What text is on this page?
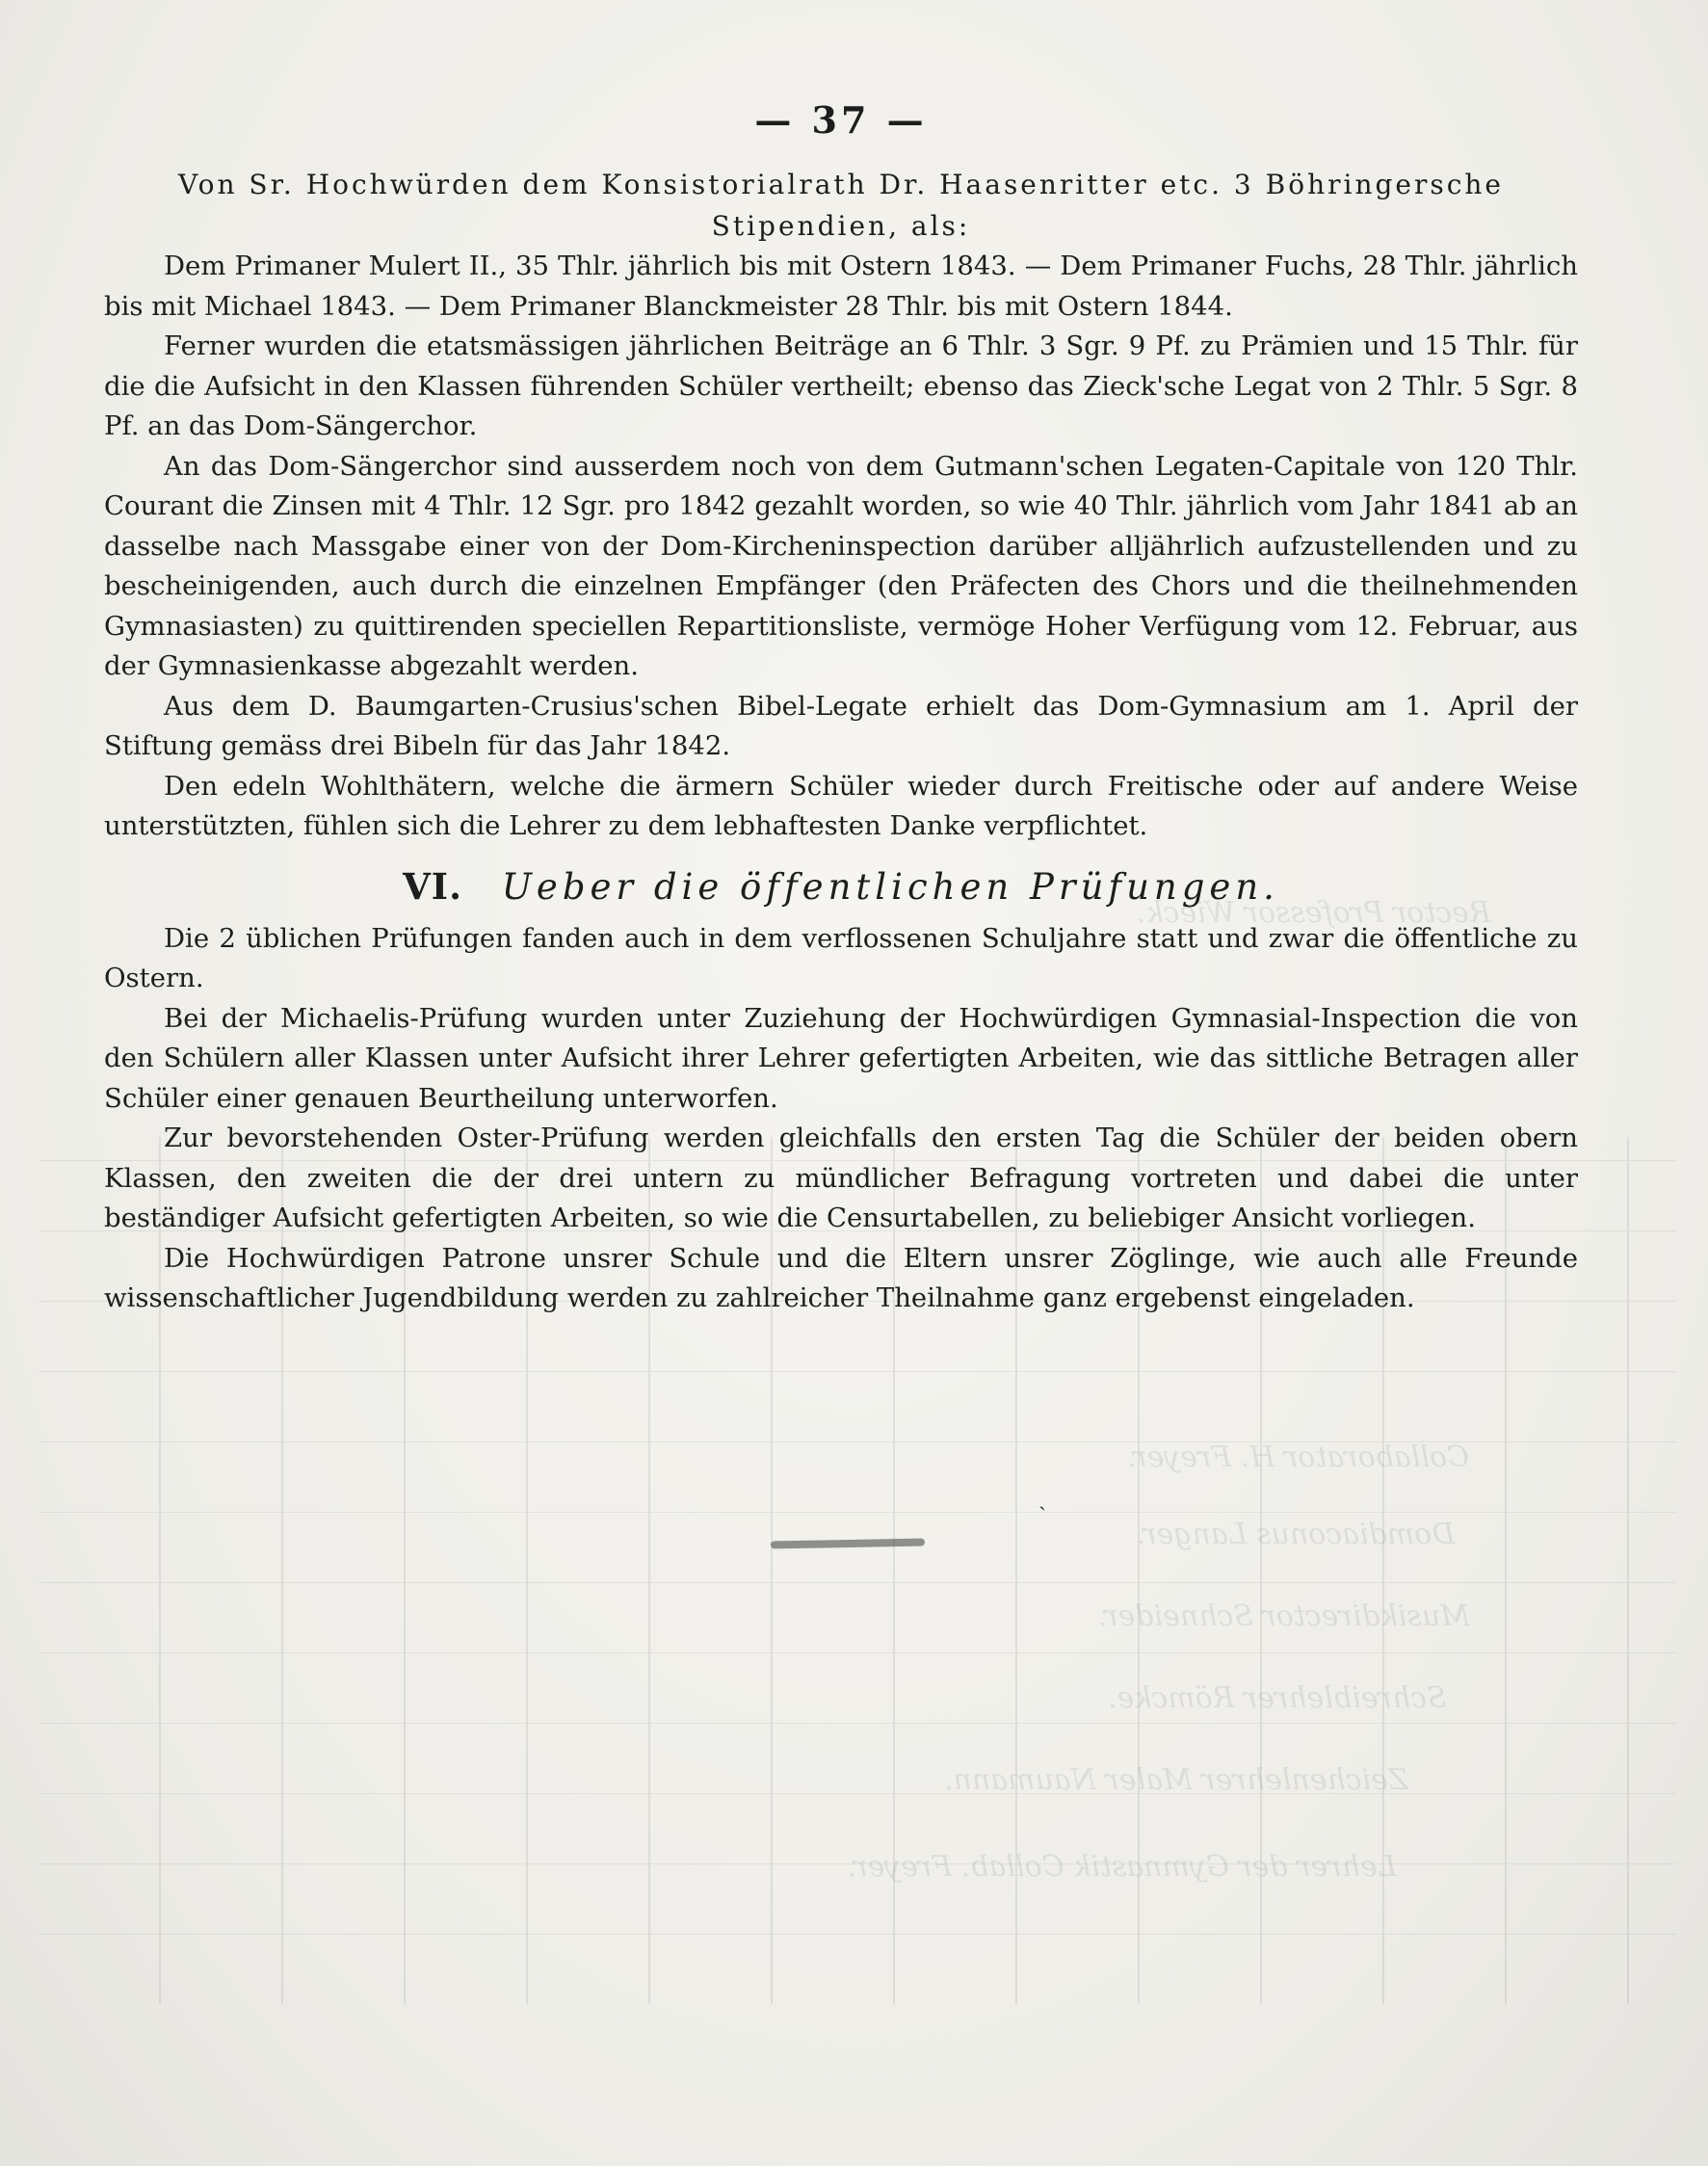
Rector Professor Wieck.
Collaborator H. Freyer.
Domdiaconus Langer.
Musikdirector Schneider.
Schreiblehrer Römcke.
Zeichenlehrer Maler Naumann.
Lehrer der Gymnastik Collab. Freyer.
ˎ
— 37 —
Von Sr. Hochwürden dem Konsistorialrath Dr. Haasenritter etc. 3 Böhringersche Stipendien, als:

Dem Primaner Mulert II., 35 Thlr. jährlich bis mit Ostern 1843. — Dem Primaner Fuchs, 28 Thlr. jährlich bis mit Michael 1843. — Dem Primaner Blanckmeister 28 Thlr. bis mit Ostern 1844.

Ferner wurden die etatsmässigen jährlichen Beiträge an 6 Thlr. 3 Sgr. 9 Pf. zu Prämien und 15 Thlr. für die die Aufsicht in den Klassen führenden Schüler vertheilt; ebenso das Zieck'sche Legat von 2 Thlr. 5 Sgr. 8 Pf. an das Dom-Sängerchor.

An das Dom-Sängerchor sind ausserdem noch von dem Gutmann'schen Legaten-Capitale von 120 Thlr. Courant die Zinsen mit 4 Thlr. 12 Sgr. pro 1842 gezahlt worden, so wie 40 Thlr. jährlich vom Jahr 1841 ab an dasselbe nach Massgabe einer von der Dom-Kircheninspection darüber alljährlich aufzustellenden und zu bescheinigenden, auch durch die einzelnen Empfänger (den Präfecten des Chors und die theilnehmenden Gymnasiasten) zu quittirenden speciellen Repartitionsliste, vermöge Hoher Verfügung vom 12. Februar, aus der Gymnasienkasse abgezahlt werden.

Aus dem D. Baumgarten-Crusius'schen Bibel-Legate erhielt das Dom-Gymnasium am 1. April der Stiftung gemäss drei Bibeln für das Jahr 1842.

Den edeln Wohlthätern, welche die ärmern Schüler wieder durch Freitische oder auf andere Weise unterstützten, fühlen sich die Lehrer zu dem lebhaftesten Danke verpflichtet.

VI. Ueber die öffentlichen Prüfungen.

Die 2 üblichen Prüfungen fanden auch in dem verflossenen Schuljahre statt und zwar die öffentliche zu Ostern.

Bei der Michaelis-Prüfung wurden unter Zuziehung der Hochwürdigen Gymnasial-Inspection die von den Schülern aller Klassen unter Aufsicht ihrer Lehrer gefertigten Arbeiten, wie das sittliche Betragen aller Schüler einer genauen Beurtheilung unterworfen.

Zur bevorstehenden Oster-Prüfung werden gleichfalls den ersten Tag die Schüler der beiden obern Klassen, den zweiten die der drei untern zu mündlicher Befragung vortreten und dabei die unter beständiger Aufsicht gefertigten Arbeiten, so wie die Censurtabellen, zu beliebiger Ansicht vorliegen.

Die Hochwürdigen Patrone unsrer Schule und die Eltern unsrer Zöglinge, wie auch alle Freunde wissenschaftlicher Jugendbildung werden zu zahlreicher Theilnahme ganz ergebenst eingeladen.
